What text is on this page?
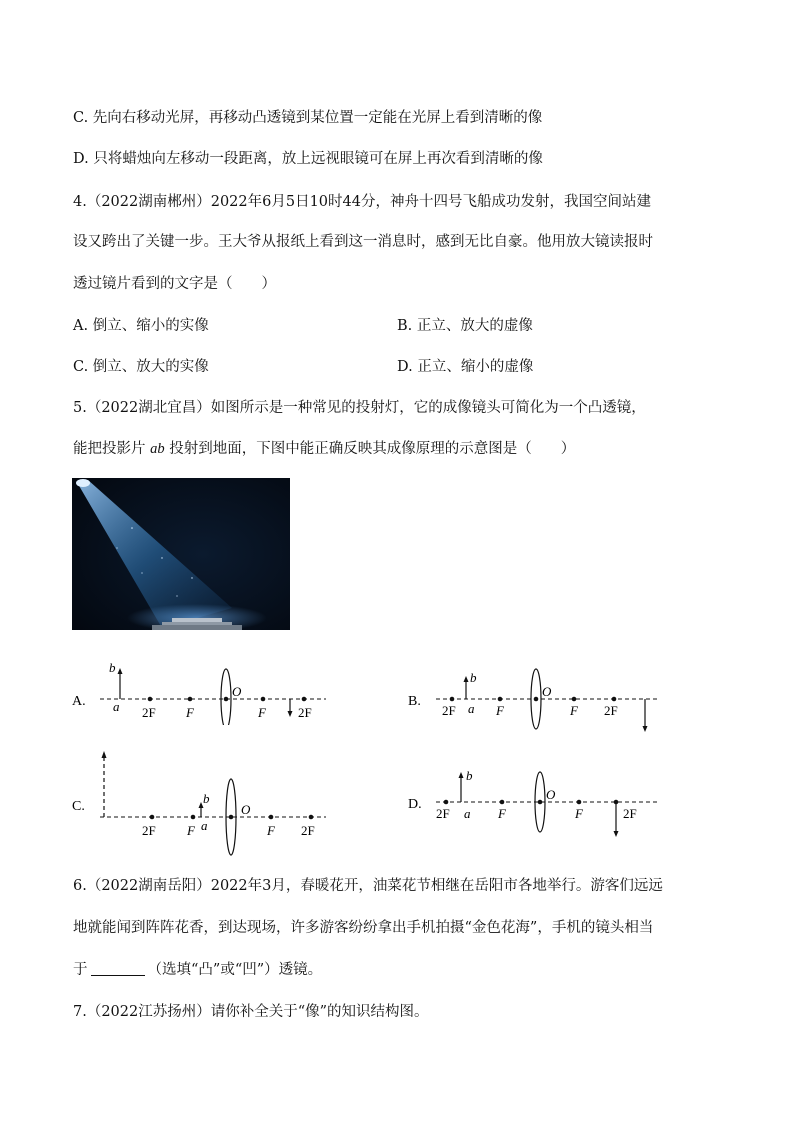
C. 先向右移动光屏，再移动凸透镜到某位置一定能在光屏上看到清晰的像
D. 只将蜡烛向左移动一段距离，放上远视眼镜可在屏上再次看到清晰的像
4.（2022湖南郴州）2022年6月5日10时44分，神舟十四号飞船成功发射，我国空间站建
设又跨出了关键一步。王大爷从报纸上看到这一消息时，感到无比自豪。他用放大镜读报时
透过镜片看到的文字是（　　）
A. 倒立、缩小的实像	B. 正立、放大的虚像
C. 倒立、放大的实像	D. 正立、缩小的虚像
5.（2022湖北宜昌）如图所示是一种常见的投射灯，它的成像镜头可简化为一个凸透镜，
能把投影片 ab 投射到地面，下图中能正确反映其成像原理的示意图是（　　）
A.
b
a 2F F
O
F 2F
B.
b
a
2F	F
O
F 2F
C.
2F F
b
a
O
F 2F
D.
2F
b
a F
O
F	2F
6.（2022湖南岳阳）2022年3月，春暖花开，油菜花节相继在岳阳市各地举行。游客们远远
地就能闻到阵阵花香，到达现场，许多游客纷纷拿出手机拍摄“金色花海”，手机的镜头相当
于	（选填“凸”或“凹”）透镜。
7.（2022江苏扬州）请你补全关于“像”的知识结构图。
